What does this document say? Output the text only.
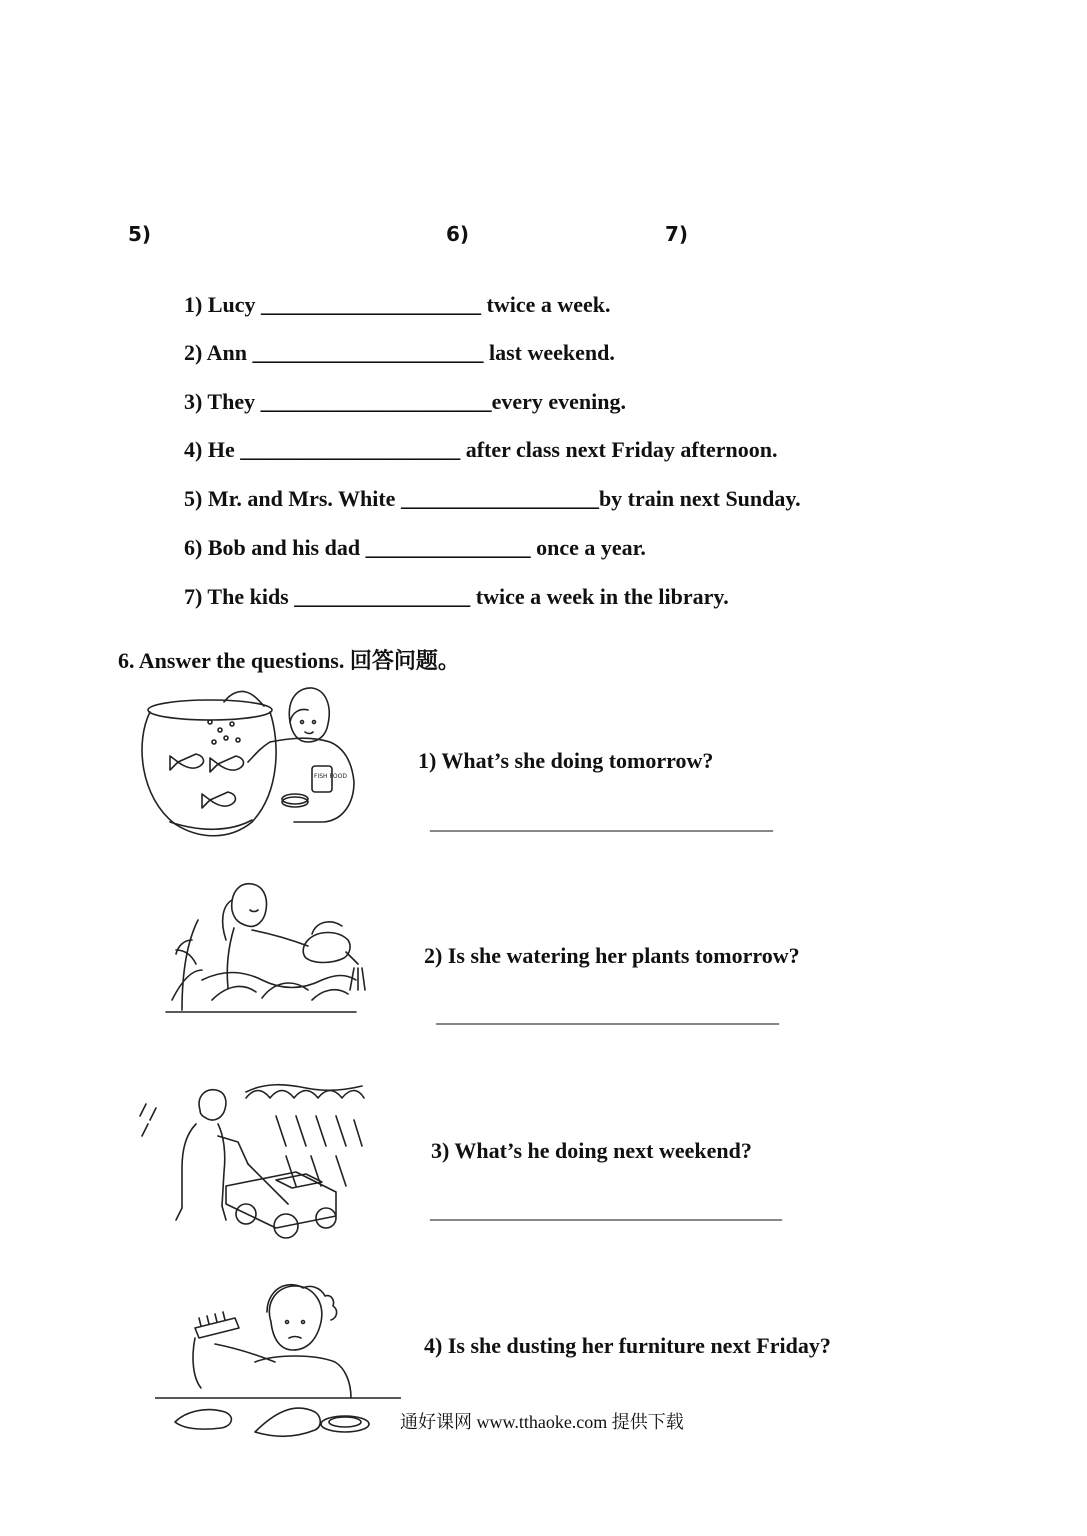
5)	6)	7)
1) Lucy ____________________ twice a week.
2) Ann _____________________ last weekend.
3) They _____________________every evening.
4) He ____________________ after class next Friday afternoon.
5) Mr. and Mrs. White __________________by train next Sunday.
6) Bob and his dad _______________ once a year.
7) The kids ________________ twice a week in the library.
6. Answer the questions. 回答问题。
FISH FOOD
1) What’s she doing tomorrow?
______________________________________
2) Is she watering her plants tomorrow?
______________________________________
3) What’s he doing next weekend?
_______________________________________
4) Is she dusting her furniture next Friday?
通好课网 www.tthaoke.com 提供下载
